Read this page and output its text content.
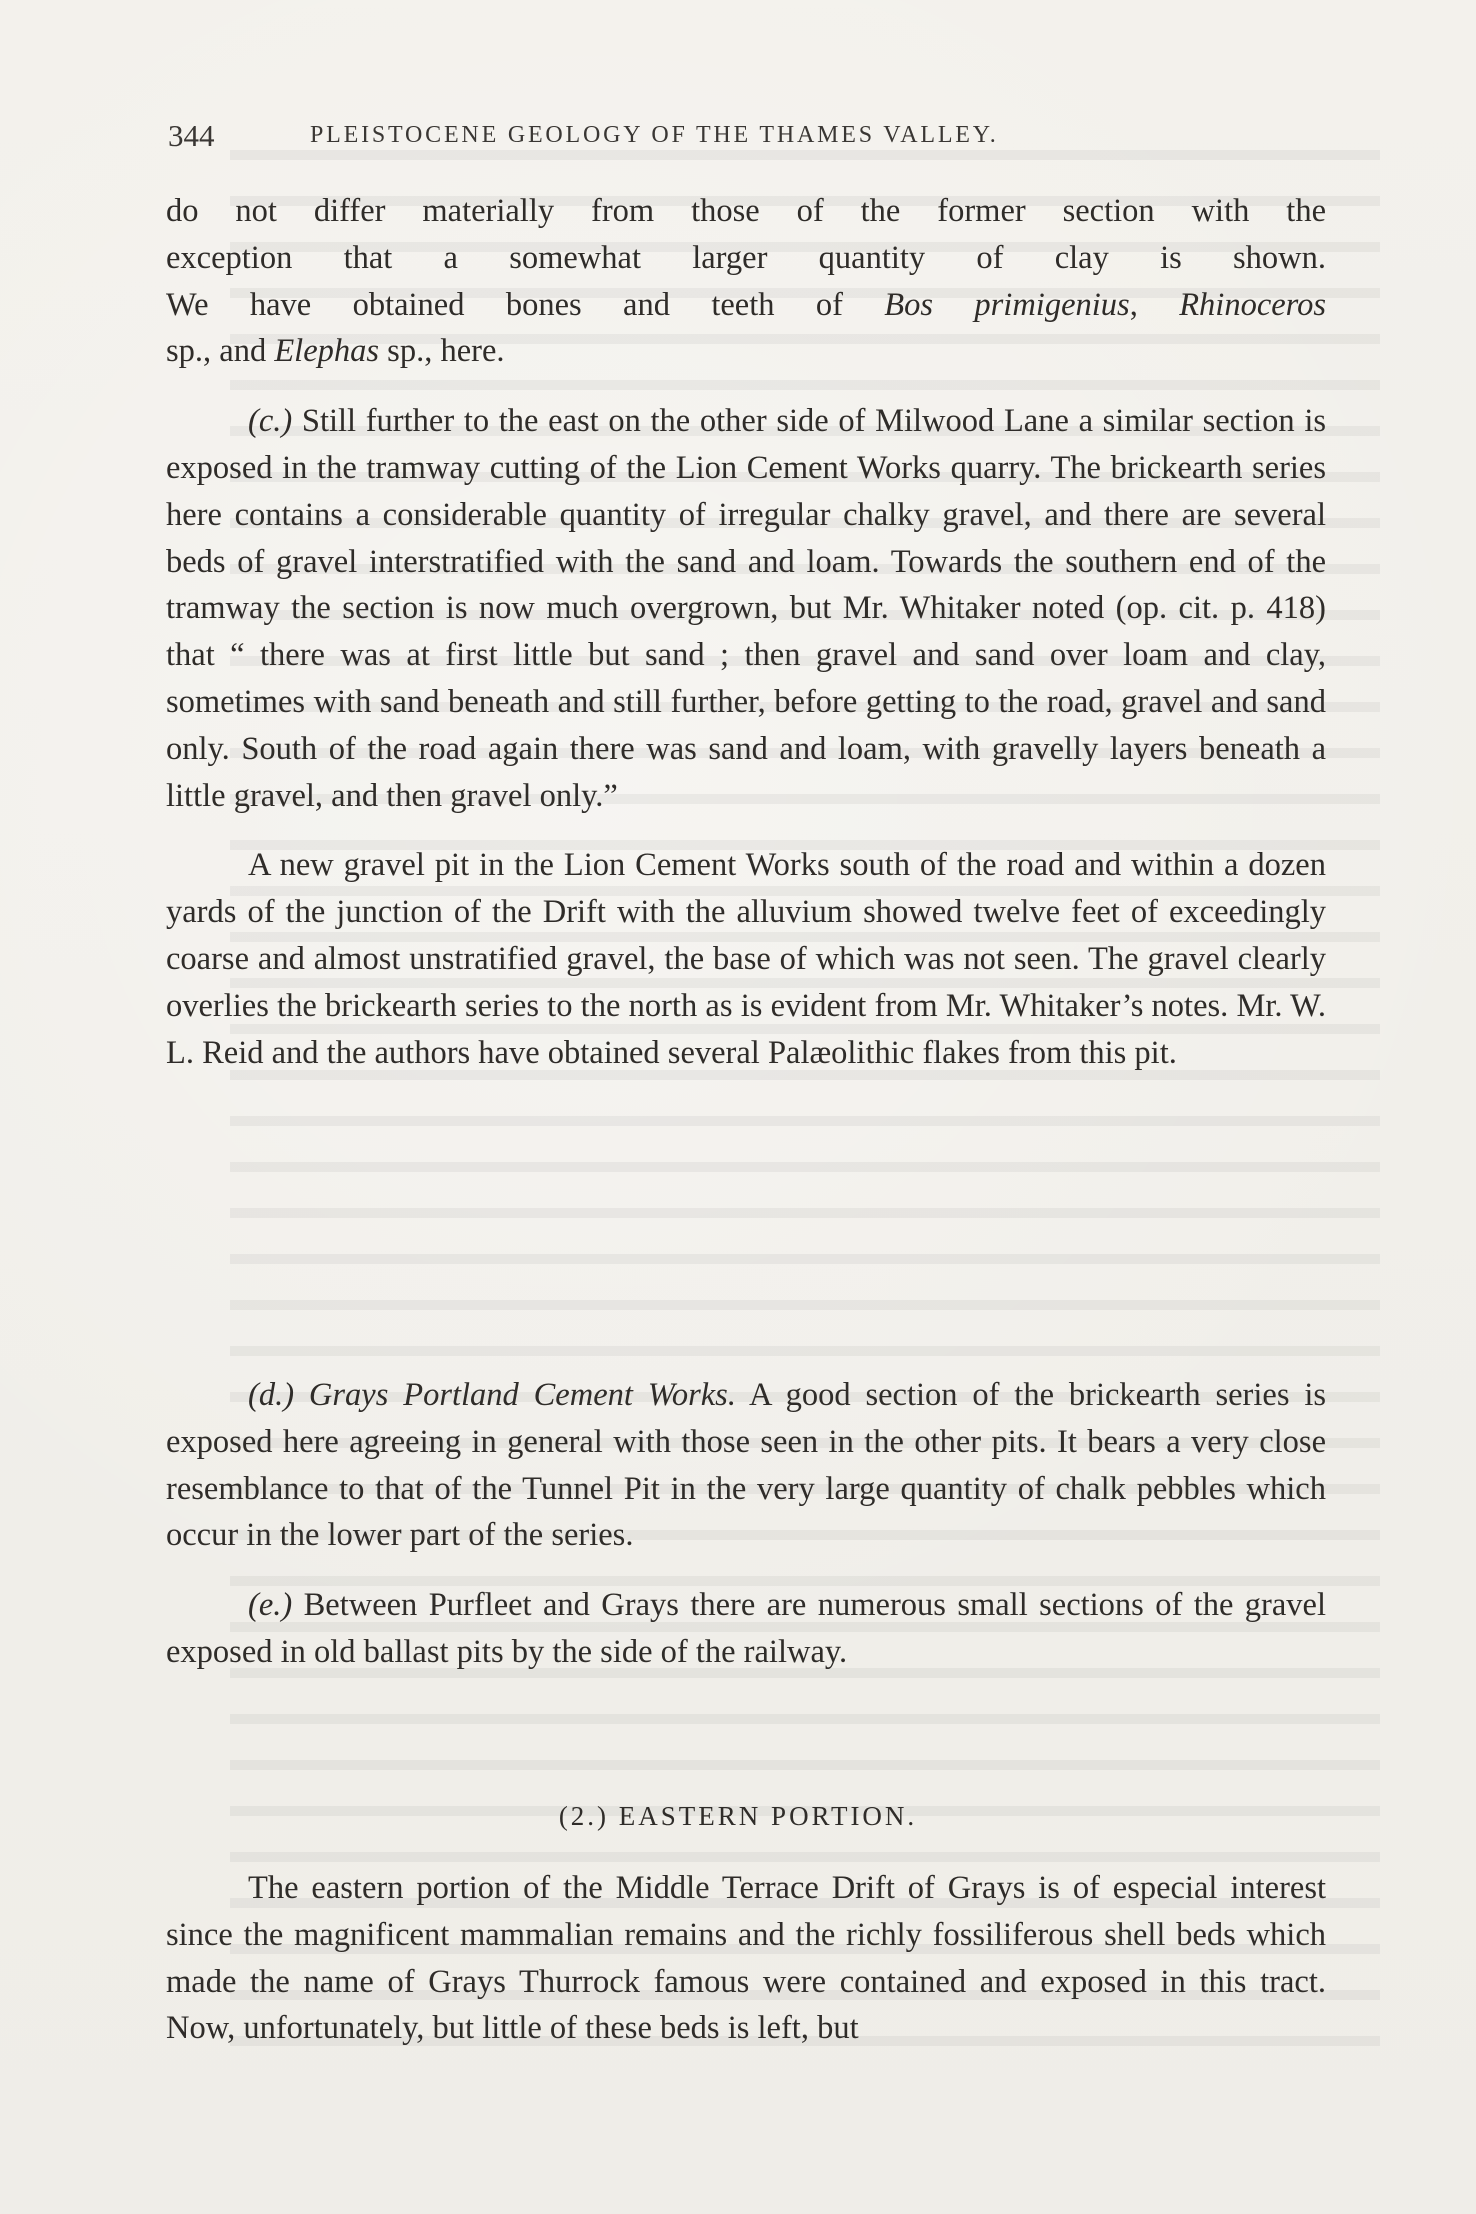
344	PLEISTOCENE GEOLOGY OF THE THAMES VALLEY.
do not differ materially from those of the former section with the
exception that a somewhat larger quantity of clay is shown.
We have obtained bones and teeth of Bos primigenius, Rhinoceros
sp., and Elephas sp., here.

(c.) Still further to the east on the other side of Milwood Lane a similar section is exposed in the tramway cutting of the Lion Cement Works quarry. The brickearth series here contains a considerable quantity of irregular chalky gravel, and there are several beds of gravel interstratified with the sand and loam. Towards the southern end of the tramway the section is now much overgrown, but Mr. Whitaker noted (op. cit. p. 418) that “ there was at first little but sand ; then gravel and sand over loam and clay, sometimes with sand beneath and still further, before getting to the road, gravel and sand only. South of the road again there was sand and loam, with gravelly layers beneath a little gravel, and then gravel only.”

A new gravel pit in the Lion Cement Works south of the road and within a dozen yards of the junction of the Drift with the alluvium showed twelve feet of exceedingly coarse and almost unstratified gravel, the base of which was not seen. The gravel clearly overlies the brickearth series to the north as is evident from Mr. Whitaker’s notes. Mr. W. L. Reid and the authors have obtained several Palæolithic flakes from this pit.

(d.) Grays Portland Cement Works. A good section of the brickearth series is exposed here agreeing in general with those seen in the other pits. It bears a very close resemblance to that of the Tunnel Pit in the very large quantity of chalk pebbles which occur in the lower part of the series.

(e.) Between Purfleet and Grays there are numerous small sections of the gravel exposed in old ballast pits by the side of the railway.

(2.) EASTERN PORTION.

The eastern portion of the Middle Terrace Drift of Grays is of especial interest since the magnificent mammalian remains and the richly fossiliferous shell beds which made the name of Grays Thurrock famous were contained and exposed in this tract. Now, unfortunately, but little of these beds is left, but
